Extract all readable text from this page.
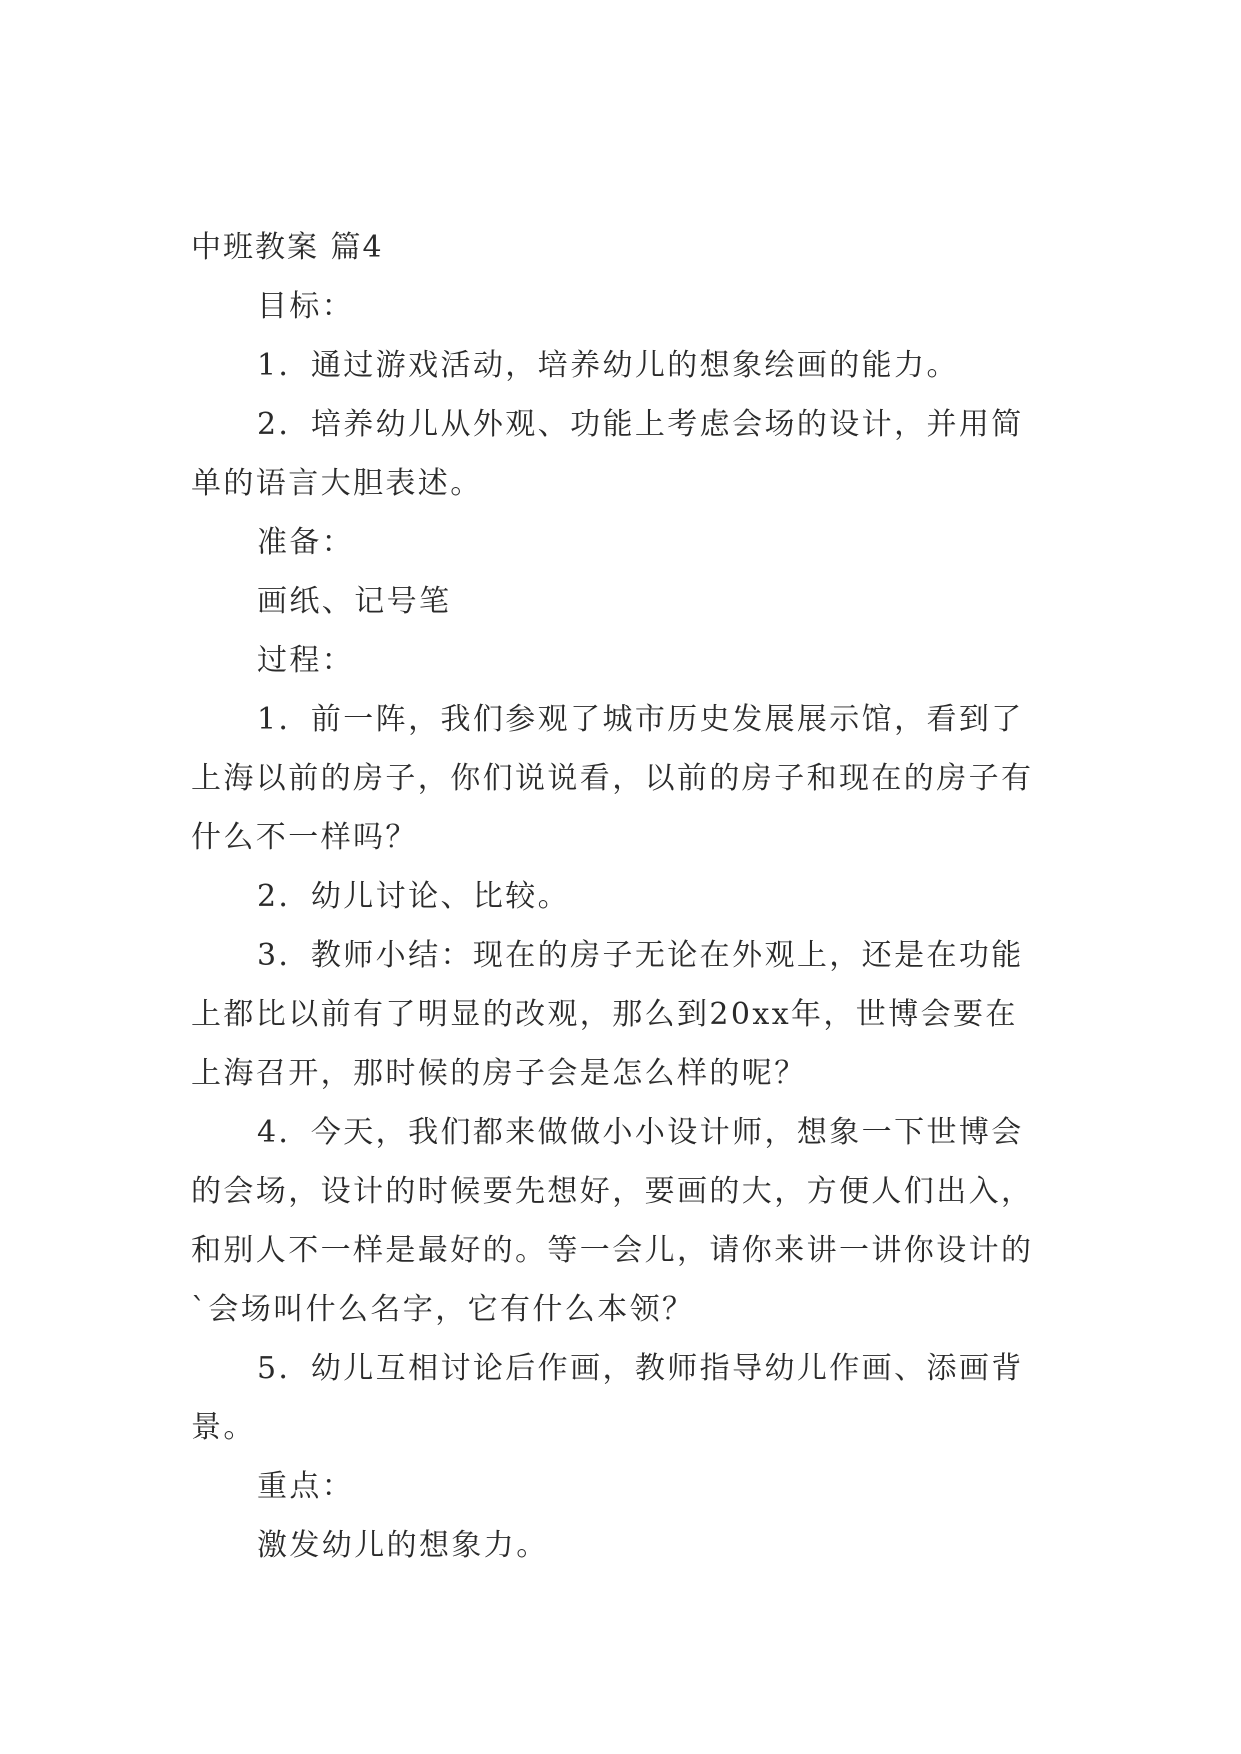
中班教案 篇4
目标：
1．通过游戏活动，培养幼儿的想象绘画的能力。
2．培养幼儿从外观、功能上考虑会场的设计，并用简
单的语言大胆表述。
准备：
画纸、记号笔
过程：
1．前一阵，我们参观了城市历史发展展示馆，看到了
上海以前的房子，你们说说看，以前的房子和现在的房子有
什么不一样吗？
2．幼儿讨论、比较。
3．教师小结：现在的房子无论在外观上，还是在功能
上都比以前有了明显的改观，那么到20xx年，世博会要在
上海召开，那时候的房子会是怎么样的呢？
4．今天，我们都来做做小小设计师，想象一下世博会
的会场，设计的时候要先想好，要画的大，方便人们出入，
和别人不一样是最好的。等一会儿，请你来讲一讲你设计的
`会场叫什么名字，它有什么本领？
5．幼儿互相讨论后作画，教师指导幼儿作画、添画背
景。
重点：
激发幼儿的想象力。
